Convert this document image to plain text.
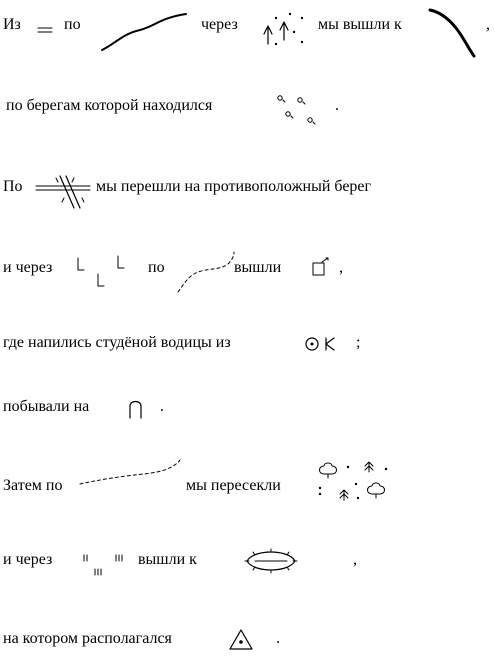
Из	по	через	мы вышли к	,
по берегам которой находился	.
По	мы перешли на противоположный берег
и через	по	вышли	,
где напились студёной водицы из	;
побывали на	.
Затем по	мы пересекли
и через	вышли к	,
на котором располагался	.
